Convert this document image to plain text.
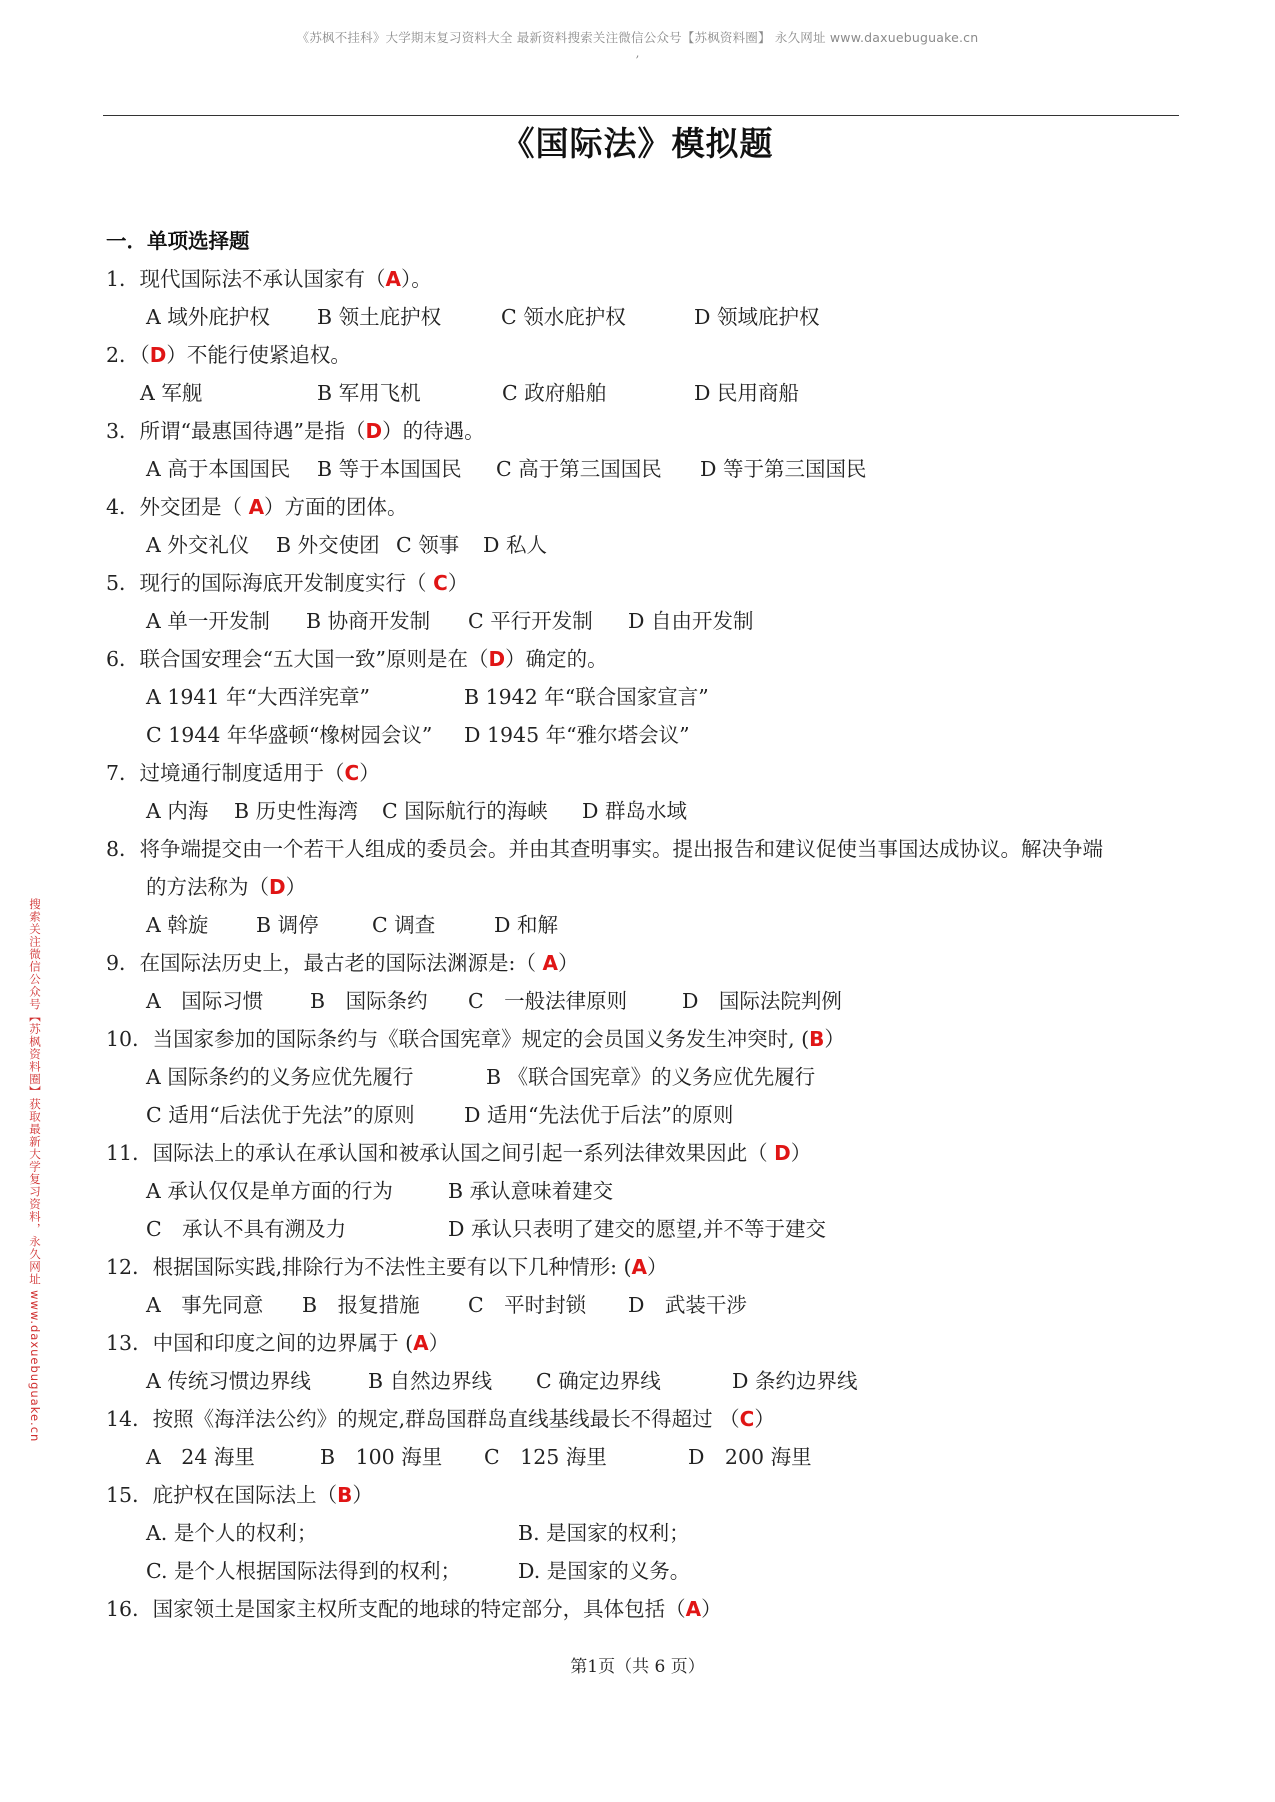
《苏枫不挂科》大学期末复习资料大全 最新资料搜索关注微信公众号【苏枫资料圈】 永久网址 www.daxuebuguake.cn
,
《国际法》模拟题
搜索关注微信公众号【苏枫资料圈】获取最新大学复习资料，永久网址 www.daxuebuguake.cn
一．单项选择题
1．现代国际法不承认国家有（A）。
A 域外庇护权 B 领土庇护权	C 领水庇护权	D 领域庇护权
2．（D）不能行使紧追权。
A 军舰	B 军用飞机	C 政府船舶	D 民用商船
3．所谓“最惠国待遇”是指（D）的待遇。
A 高于本国国民 B 等于本国国民 C 高于第三国国民 D 等于第三国国民
4．外交团是（ A）方面的团体。
A 外交礼仪 B 外交使团 C 领事 D 私人
5．现行的国际海底开发制度实行（ C）
A 单一开发制 B 协商开发制 C 平行开发制 D 自由开发制
6．联合国安理会“五大国一致”原则是在（D）确定的。
A 1941 年“大西洋宪章”	B 1942 年“联合国家宣言”
C 1944 年华盛顿“橡树园会议” D 1945 年“雅尔塔会议”
7．过境通行制度适用于（C）
A 内海 B 历史性海湾 C 国际航行的海峡 D 群岛水域
8．将争端提交由一个若干人组成的委员会。并由其查明事实。提出报告和建议促使当事国达成协议。解决争端
的方法称为（D）
A 斡旋 B 调停	C 调查	D 和解
9．在国际法历史上，最古老的国际法渊源是:（ A）
A　国际习惯 B　国际条约 C　一般法律原则	D　国际法院判例
10．当国家参加的国际条约与《联合国宪章》规定的会员国义务发生冲突时, (B）
A 国际条约的义务应优先履行	B 《联合国宪章》的义务应优先履行
C 适用“后法优于先法”的原则 D 适用“先法优于后法”的原则
11．国际法上的承认在承认国和被承认国之间引起一系列法律效果因此（ D）
A 承认仅仅是单方面的行为	B 承认意味着建交
C　承认不具有溯及力	D 承认只表明了建交的愿望,并不等于建交
12．根据国际实践,排除行为不法性主要有以下几种情形: (A）
A　事先同意 B　报复措施 C　平时封锁 D　武装干涉
13．中国和印度之间的边界属于 (A）
A 传统习惯边界线	B 自然边界线 C 确定边界线	D 条约边界线
14．按照《海洋法公约》的规定,群岛国群岛直线基线最长不得超过 （C）
A　24 海里	B　100 海里 C　125 海里	D　200 海里
15．庇护权在国际法上（B）
A. 是个人的权利；	B. 是国家的权利；
C. 是个人根据国际法得到的权利；	D. 是国家的义务。
16．国家领土是国家主权所支配的地球的特定部分，具体包括（A）
第1页（共 6 页）
